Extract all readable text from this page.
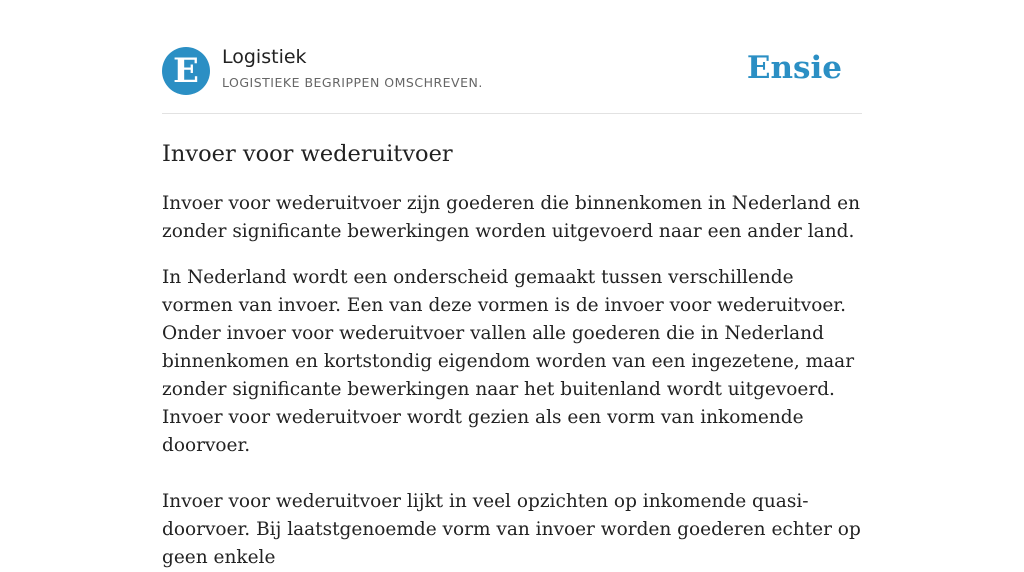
E	Logistiek
LOGISTIEKE BEGRIPPEN OMSCHREVEN.	Ensie
Invoer voor wederuitvoer

Invoer voor wederuitvoer zijn goederen die binnenkomen in Nederland en zonder significante bewerkingen worden uitgevoerd naar een ander land.

In Nederland wordt een onderscheid gemaakt tussen verschillende vormen van invoer. Een van deze vormen is de invoer voor wederuitvoer. Onder invoer voor wederuitvoer vallen alle goederen die in Nederland binnenkomen en kortstondig eigendom worden van een ingezetene, maar zonder significante bewerkingen naar het buitenland wordt uitgevoerd. Invoer voor wederuitvoer wordt gezien als een vorm van inkomende doorvoer.

Invoer voor wederuitvoer lijkt in veel opzichten op inkomende quasi-doorvoer. Bij laatstgenoemde vorm van invoer worden goederen echter op geen enkele
